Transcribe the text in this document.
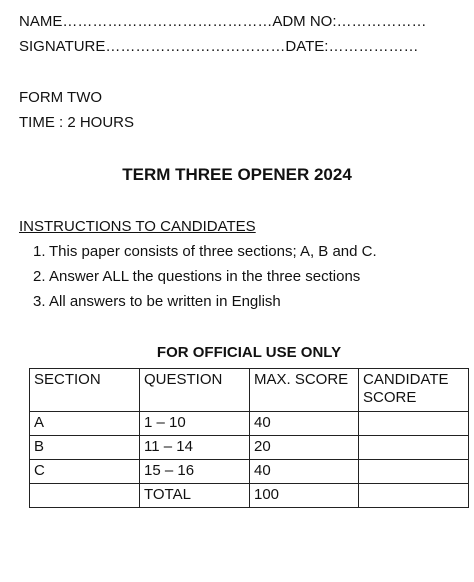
NAME……………………………………ADM NO:………………
SIGNATURE………………………………DATE:………………
FORM TWO
TIME : 2 HOURS
TERM THREE OPENER 2024
INSTRUCTIONS TO CANDIDATES
1. This paper consists of three sections; A, B and C.
2. Answer ALL the questions in the three sections
3. All answers to be written in English
FOR OFFICIAL USE ONLY
SECTION	QUESTION	MAX. SCORE	CANDIDATE SCORE
A	1 – 10	40	
B	11 – 14	20	
C	15 – 16	40	
	TOTAL	100	
